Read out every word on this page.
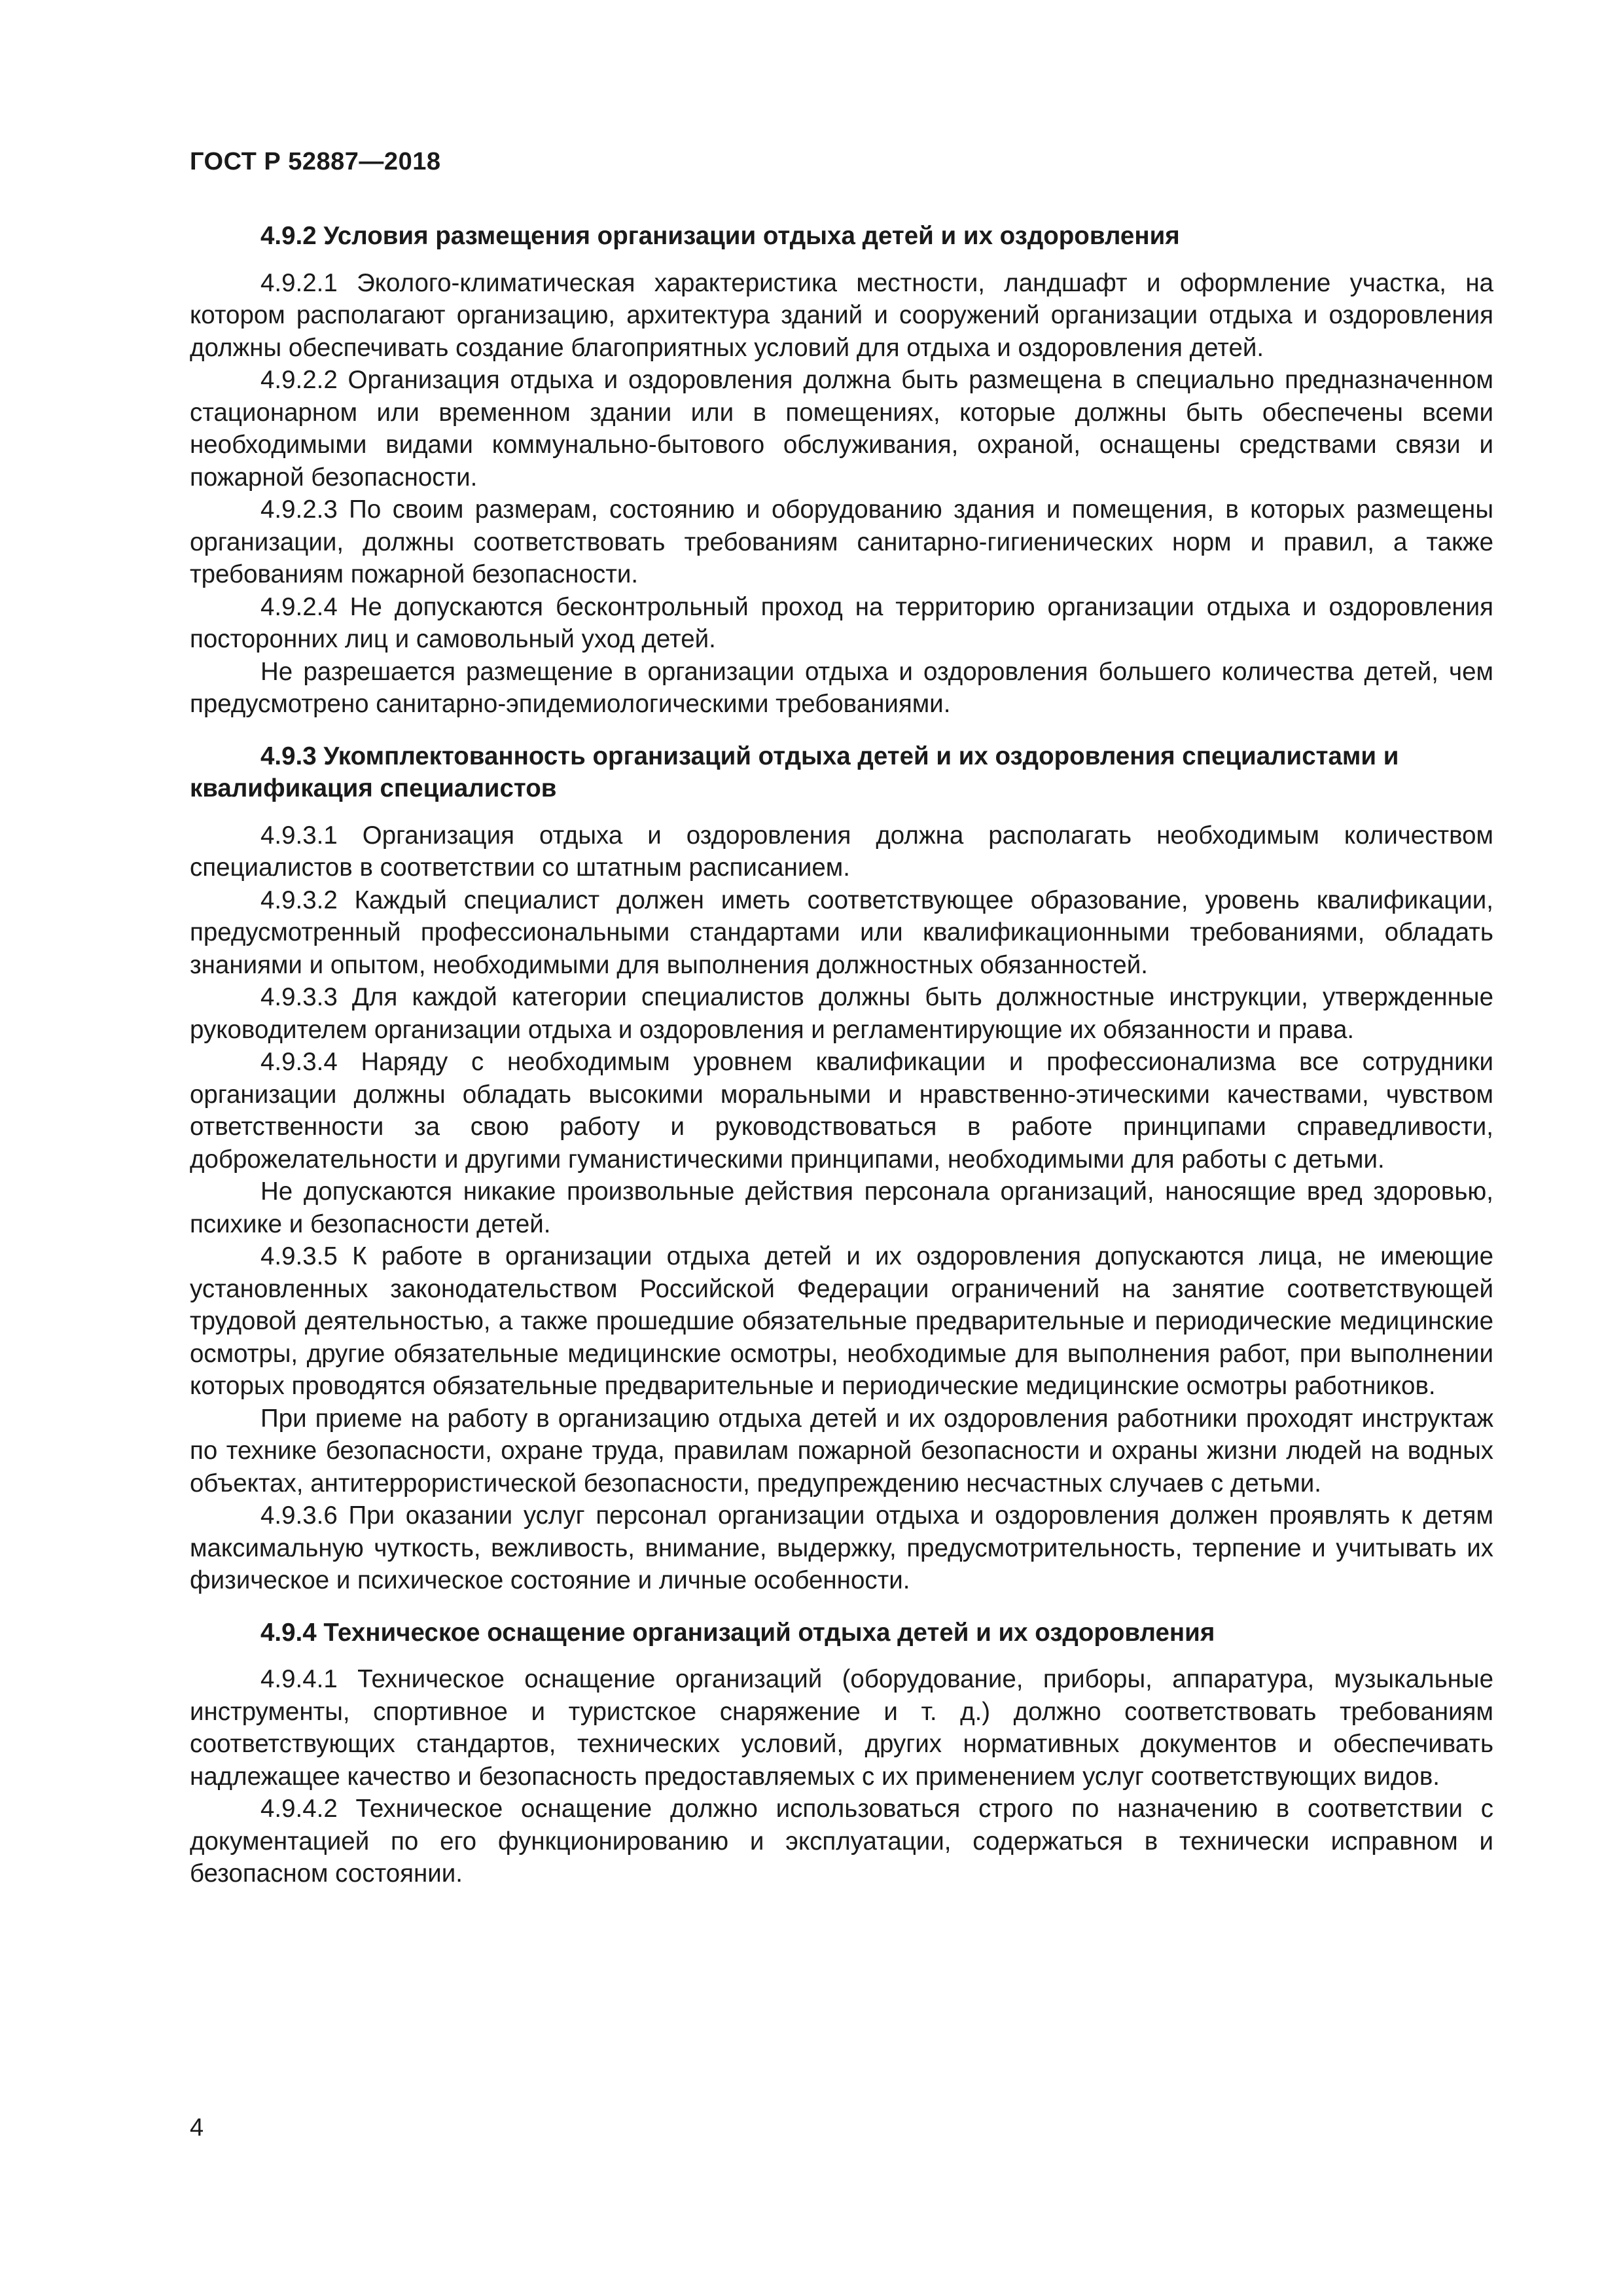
ГОСТ Р 52887—2018

4.9.2 Условия размещения организации отдыха детей и их оздоровления

4.9.2.1 Эколого-климатическая характеристика местности, ландшафт и оформление участка, на котором располагают организацию, архитектура зданий и сооружений организации отдыха и оздоровления должны обеспечивать создание благоприятных условий для отдыха и оздоровления детей.

4.9.2.2 Организация отдыха и оздоровления должна быть размещена в специально предназначенном стационарном или временном здании или в помещениях, которые должны быть обеспечены всеми необходимыми видами коммунально-бытового обслуживания, охраной, оснащены средствами связи и пожарной безопасности.

4.9.2.3 По своим размерам, состоянию и оборудованию здания и помещения, в которых размещены организации, должны соответствовать требованиям санитарно-гигиенических норм и правил, а также требованиям пожарной безопасности.

4.9.2.4 Не допускаются бесконтрольный проход на территорию организации отдыха и оздоровления посторонних лиц и самовольный уход детей.

Не разрешается размещение в организации отдыха и оздоровления большего количества детей, чем предусмотрено санитарно-эпидемиологическими требованиями.

4.9.3 Укомплектованность организаций отдыха детей и их оздоровления специалистами и квалификация специалистов

4.9.3.1 Организация отдыха и оздоровления должна располагать необходимым количеством специалистов в соответствии со штатным расписанием.

4.9.3.2 Каждый специалист должен иметь соответствующее образование, уровень квалификации, предусмотренный профессиональными стандартами или квалификационными требованиями, обладать знаниями и опытом, необходимыми для выполнения должностных обязанностей.

4.9.3.3 Для каждой категории специалистов должны быть должностные инструкции, утвержденные руководителем организации отдыха и оздоровления и регламентирующие их обязанности и права.

4.9.3.4 Наряду с необходимым уровнем квалификации и профессионализма все сотрудники организации должны обладать высокими моральными и нравственно-этическими качествами, чувством ответственности за свою работу и руководствоваться в работе принципами справедливости, доброжелательности и другими гуманистическими принципами, необходимыми для работы с детьми.

Не допускаются никакие произвольные действия персонала организаций, наносящие вред здоровью, психике и безопасности детей.

4.9.3.5 К работе в организации отдыха детей и их оздоровления допускаются лица, не имеющие установленных законодательством Российской Федерации ограничений на занятие соответствующей трудовой деятельностью, а также прошедшие обязательные предварительные и периодические медицинские осмотры, другие обязательные медицинские осмотры, необходимые для выполнения работ, при выполнении которых проводятся обязательные предварительные и периодические медицинские осмотры работников.

При приеме на работу в организацию отдыха детей и их оздоровления работники проходят инструктаж по технике безопасности, охране труда, правилам пожарной безопасности и охраны жизни людей на водных объектах, антитеррористической безопасности, предупреждению несчастных случаев с детьми.

4.9.3.6 При оказании услуг персонал организации отдыха и оздоровления должен проявлять к детям максимальную чуткость, вежливость, внимание, выдержку, предусмотрительность, терпение и учитывать их физическое и психическое состояние и личные особенности.

4.9.4 Техническое оснащение организаций отдыха детей и их оздоровления

4.9.4.1 Техническое оснащение организаций (оборудование, приборы, аппаратура, музыкальные инструменты, спортивное и туристское снаряжение и т. д.) должно соответствовать требованиям соответствующих стандартов, технических условий, других нормативных документов и обеспечивать надлежащее качество и безопасность предоставляемых с их применением услуг соответствующих видов.

4.9.4.2 Техническое оснащение должно использоваться строго по назначению в соответствии с документацией по его функционированию и эксплуатации, содержаться в технически исправном и безопасном состоянии.

4
